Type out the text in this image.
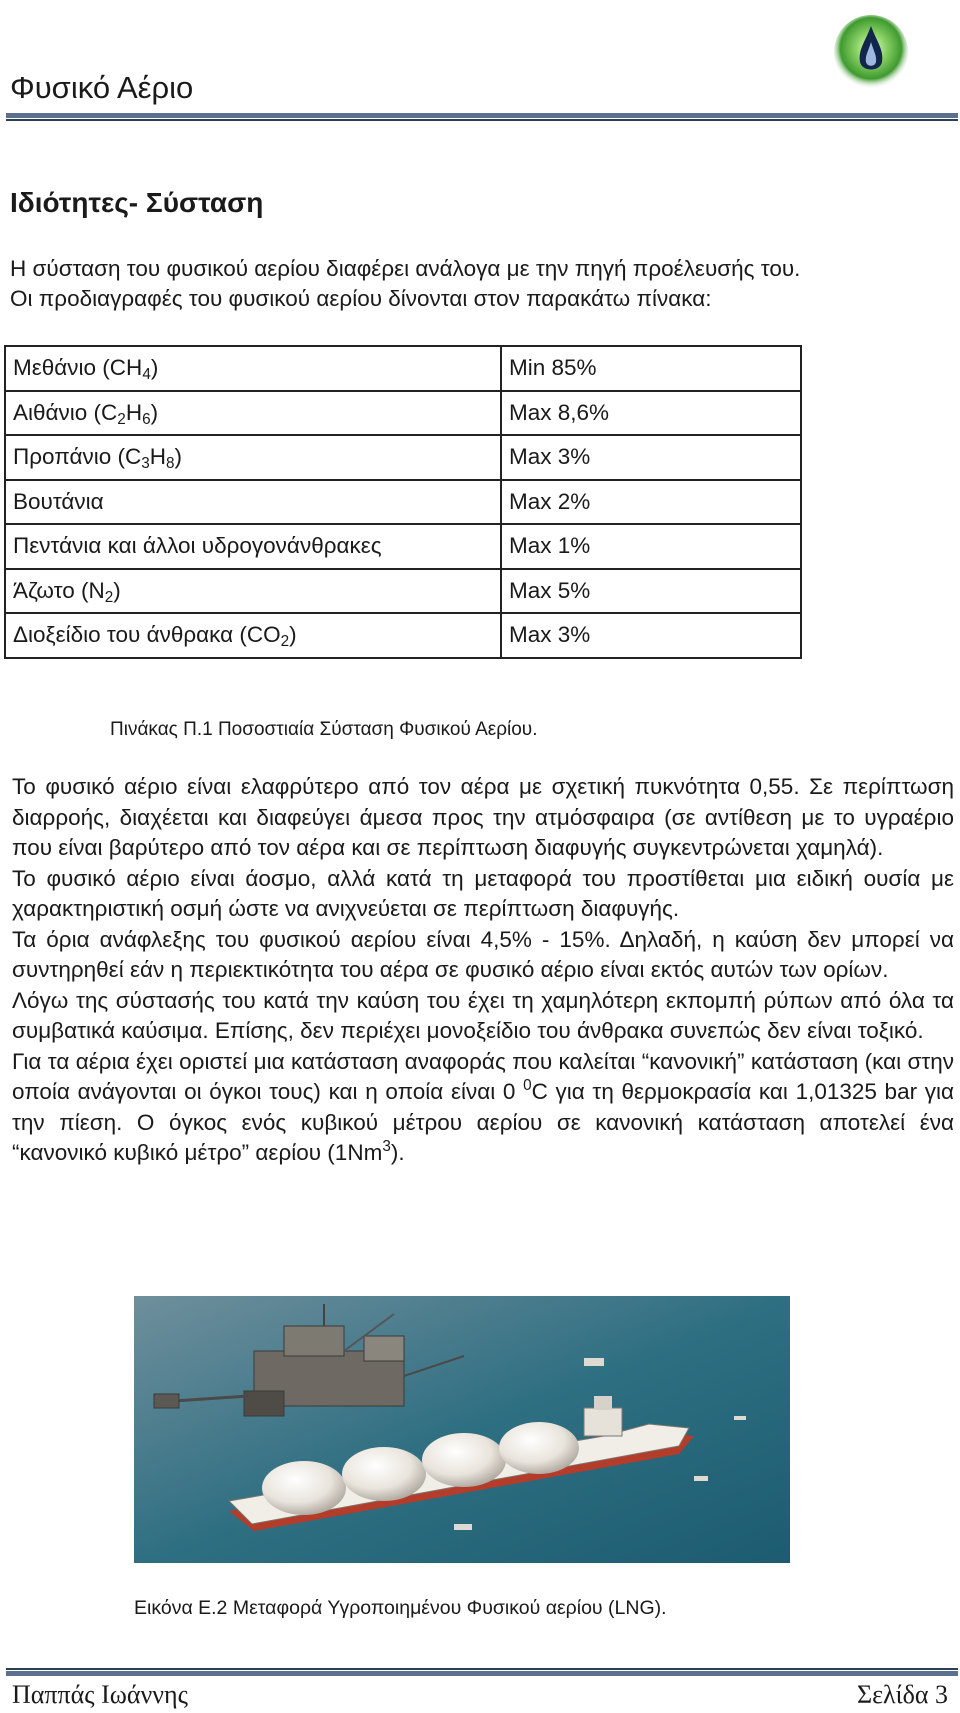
Φυσικό Αέριο
Ιδιότητες- Σύσταση
Η σύσταση του φυσικού αερίου διαφέρει ανάλογα με την πηγή προέλευσής του.
Οι προδιαγραφές του φυσικού αερίου δίνονται στον παρακάτω πίνακα:
Μεθάνιο $(CH_4)$	Min 85%
Αιθάνιο $(C_2H_6)$	Max 8,6%
Προπάνιο $(C_3H_8)$	Max 3%
Βουτάνια	Max 2%
Πεντάνια και άλλοι υδρογονάνθρακες	Max 1%
Άζωτο $(N_2)$	Max 5%
Διοξείδιο του άνθρακα $(CO_2)$	Max 3%
Πινάκας Π.1 Ποσοστιαία Σύσταση Φυσικού Αερίου.

Το φυσικό αέριο είναι ελαφρύτερο από τον αέρα με σχετική πυκνότητα 0,55. Σε περίπτωση διαρροής, διαχέεται και διαφεύγει άμεσα προς την ατμόσφαιρα (σε αντίθεση με το υγραέριο που είναι βαρύτερο από τον αέρα και σε περίπτωση διαφυγής συγκεντρώνεται χαμηλά).

Το φυσικό αέριο είναι άοσμο, αλλά κατά τη μεταφορά του προστίθεται μια ειδική ουσία με χαρακτηριστική οσμή ώστε να ανιχνεύεται σε περίπτωση διαφυγής.

Τα όρια ανάφλεξης του φυσικού αερίου είναι 4,5% - 15%. Δηλαδή, η καύση δεν μπορεί να συντηρηθεί εάν η περιεκτικότητα του αέρα σε φυσικό αέριο είναι εκτός αυτών των ορίων.

Λόγω της σύστασής του κατά την καύση του έχει τη χαμηλότερη εκπομπή ρύπων από όλα τα συμβατικά καύσιμα. Επίσης, δεν περιέχει μονοξείδιο του άνθρακα συνεπώς δεν είναι τοξικό.

Για τα αέρια έχει οριστεί μια κατάσταση αναφοράς που καλείται “κανονική” κατάσταση (και στην οποία ανάγονται οι όγκοι τους) και η οποία είναι 0 $^0$C για τη θερμοκρασία και 1,01325 bar για την πίεση. Ο όγκος ενός κυβικού μέτρου αερίου σε κανονική κατάσταση αποτελεί ένα “κανονικό κυβικό μέτρο” αερίου (1Nm$^3$).

Εικόνα Ε.2 Μεταφορά Υγροποιημένου Φυσικού αερίου (LNG).
Παππάς Ιωάννης	Σελίδα 3
